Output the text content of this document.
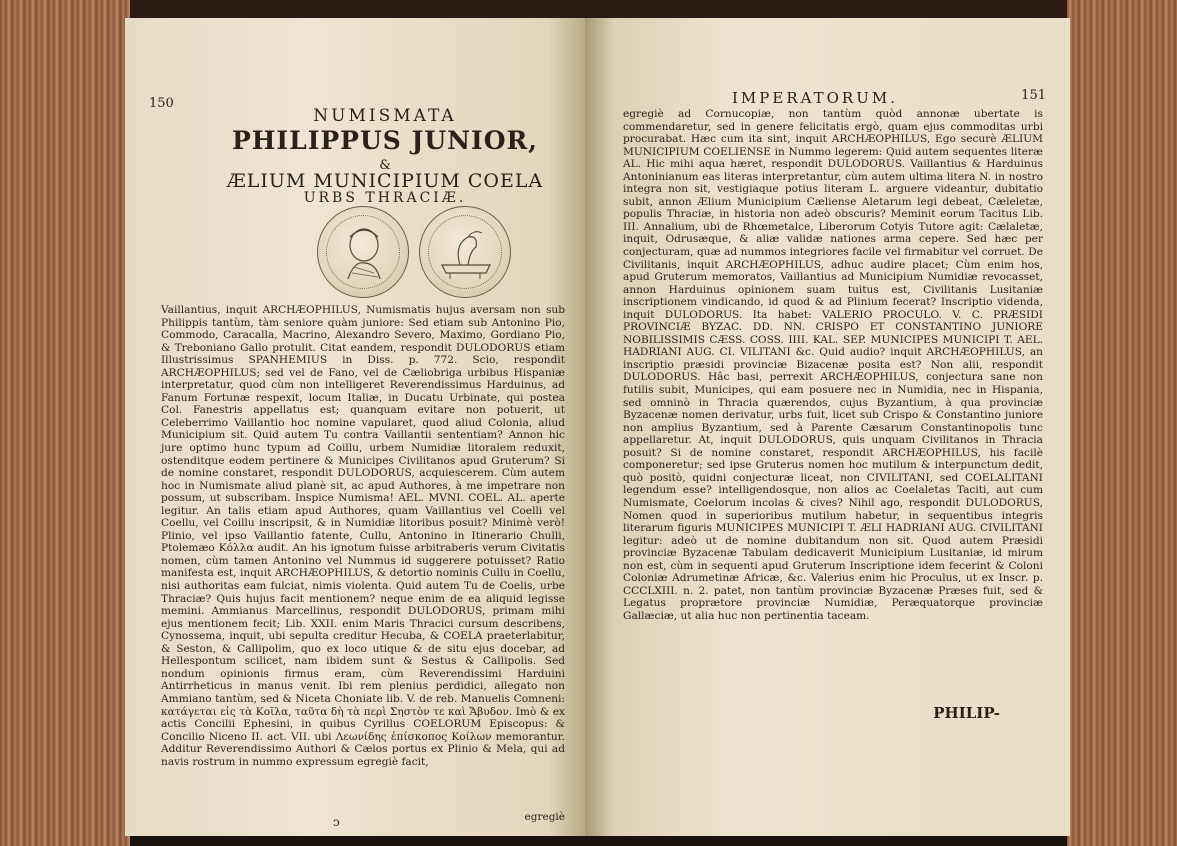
150
NUMISMATA
PHILIPPUS JUNIOR,
&
ÆLIUM MUNICIPIUM COELA
URBS THRACIÆ.

Vaillantius, inquit ARCHÆOPHILUS, Numismatis hujus aversam non sub Philippis tantùm, tàm seniore quàm juniore: Sed etiam sub Antonino Pio, Commodo, Caracalla, Macrino, Alexandro Severo, Maximo, Gordiano Pio, & Treboniano Gallo protulit. Citat eandem, respondit DULODORUS etiam Illustrissimus SPANHEMIUS in Diss. p. 772. Scio, respondit ARCHÆOPHILUS; sed vel de Fano, vel de Cæliobriga urbibus Hispaniæ interpretatur, quod cùm non intelligeret Reverendissimus Harduinus, ad Fanum Fortunæ respexit, locum Italiæ, in Ducatu Urbinate, qui postea Col. Fanestris appellatus est; quanquam evitare non potuerit, ut Celeberrimo Vaillantio hoc nomine vapularet, quod aliud Colonia, aliud Municipium sit. Quid autem Tu contra Vaillantii sententiam? Annon hic jure optimo hunc typum ad Coillu, urbem Numidiæ litoralem reduxit, ostenditque eodem pertinere & Municipes Civilitanos apud Gruterum? Si de nomine constaret, respondit DULODORUS, acquiescerem. Cùm autem hoc in Numismate aliud planè sit, ac apud Authores, à me impetrare non possum, ut subscribam. Inspice Numisma! AEL. MVNI. COEL. AL. aperte legitur. An talis etiam apud Authores, quam Vaillantius vel Coelli vel Coellu, vel Coillu inscripsit, & in Numidiæ litoribus posuit? Minimè verò! Plinio, vel ipso Vaillantio fatente, Cullu, Antonino in Itinerario Chulli, Ptolemæo Κόλλα audit. An his ignotum fuisse arbitraberis verum Civitatis nomen, cùm tamen Antonino vel Nummus id suggerere potuisset? Ratio manifesta est, inquit ARCHÆOPHILUS, & detortio nominis Cullu in Coellu, nisi authoritas eam fulciat, nimis violenta. Quid autem Tu de Coelis, urbe Thraciæ? Quis hujus facit mentionem? neque enim de ea aliquid legisse memini. Ammianus Marcellinus, respondit DULODORUS, primam mihi ejus mentionem fecit; Lib. XXII. enim Maris Thracici cursum describens, Cynossema, inquit, ubi sepulta creditur Hecuba, & COELA praeterlabitur, & Seston, & Callipolim, quo ex loco utique & de situ ejus docebar, ad Hellespontum scilicet, nam ibidem sunt & Sestus & Callipolis. Sed nondum opinionis firmus eram, cùm Reverendissimi Harduini Antirrheticus in manus venit. Ibi rem plenius perdidici, allegato non Ammiano tantùm, sed & Niceta Choniate lib. V. de reb. Manuelis Comneni: κατάγεται εἰς τὰ Κοῖλα, ταῦτα δὴ τὰ περὶ Σηστὸν τε καὶ Ἄβυδον. Imò & ex actis Concilii Ephesini, in quibus Cyrillus COELORUM Episcopus: & Concilio Niceno II. act. VII. ubi Λεωνίδης ἐπίσκοπος Κοίλων memorantur. Additur Reverendissimo Authori & Cælos portus ex Plinio & Mela, qui ad navis rostrum in nummo expressum egregiè facit,

ↄ	egregiè
IMPERATORUM.	151

egregiè ad Cornucopiæ, non tantùm quòd annonæ ubertate is commendaretur, sed in genere felicitatis ergò, quam ejus commoditas urbi procurabat. Hæc cum ita sint, inquit ARCHÆOPHILUS, Ego securè ÆLIUM MUNICIPIUM COELIENSE in Nummo legerem: Quid autem sequentes literæ AL. Hic mihi aqua hæret, respondit DULODORUS. Vaillantius & Harduinus Antoninianum eas literas interpretantur, cùm autem ultima litera N. in nostro integra non sit, vestigiaque potius literam L. arguere videantur, dubitatio subit, annon Ælium Municipium Cæliense Aletarum legi debeat, Cæleletæ, populis Thraciæ, in historia non adeò obscuris? Meminit eorum Tacitus Lib. III. Annalium, ubi de Rhœmetalce, Liberorum Cotyis Tutore agit: Cælaletæ, inquit, Odrusæque, & aliæ validæ nationes arma cepere. Sed hæc per conjecturam, quæ ad nummos integriores facile vel firmabitur vel corruet. De Civilitanis, inquit ARCHÆOPHILUS, adhuc audire placet; Cùm enim hos, apud Gruterum memoratos, Vaillantius ad Municipium Numidiæ revocasset, annon Harduinus opinionem suam tuitus est, Civilitanis Lusitaniæ inscriptionem vindicando, id quod & ad Plinium fecerat? Inscriptio videnda, inquit DULODORUS. Ita habet: VALERIO PROCULO. V. C. PRÆSIDI PROVINCIÆ BYZAC. DD. NN. CRISPO ET CONSTANTINO JUNIORE NOBILISSIMIS CÆSS. COSS. IIII. KAL. SEP. MUNICIPES MUNICIPI T. AEL. HADRIANI AUG. CI. VILITANI &c. Quid audio? inquit ARCHÆOPHILUS, an inscriptio præsidi provinciæ Bizacenæ posita est? Non alii, respondit DULODORUS. Hâc basi, perrexit ARCHÆOPHILUS, conjectura sane non futilis subit, Municipes, qui eam posuere nec in Numidia, nec in Hispania, sed omninò in Thracia quærendos, cujus Byzantium, à qua provinciæ Byzacenæ nomen derivatur, urbs fuit, licet sub Crispo & Constantino juniore non amplius Byzantium, sed à Parente Cæsarum Constantinopolis tunc appellaretur. At, inquit DULODORUS, quis unquam Civilitanos in Thracia posuit? Si de nomine constaret, respondit ARCHÆOPHILUS, his facilè componeretur; sed ipse Gruterus nomen hoc mutilum & interpunctum dedit, quò positò, quidni conjecturæ liceat, non CIVILITANI, sed COELALITANI legendum esse? intelligendosque, non alios ac Coelaletas Taciti, aut cum Numismate, Coelorum incolas & cives? Nihil ago, respondit DULODORUS, Nomen quod in superioribus mutilum habetur, in sequentibus integris literarum figuris MUNICIPES MUNICIPI T. ÆLI HADRIANI AUG. CIVILITANI legitur: adeò ut de nomine dubitandum non sit. Quod autem Præsidi provinciæ Byzacenæ Tabulam dedicaverit Municipium Lusitaniæ, id mirum non est, cùm in sequenti apud Gruterum Inscriptione idem fecerint & Coloni Coloniæ Adrumetinæ Africæ, &c. Valerius enim hic Proculus, ut ex Inscr. p. CCCLXIII. n. 2. patet, non tantùm provinciæ Byzacenæ Præses fuit, sed & Legatus proprætore provinciæ Numidiæ, Peræquatorque provinciæ Gallæciæ, ut alia huc non pertinentia taceam.

PHILIP-
